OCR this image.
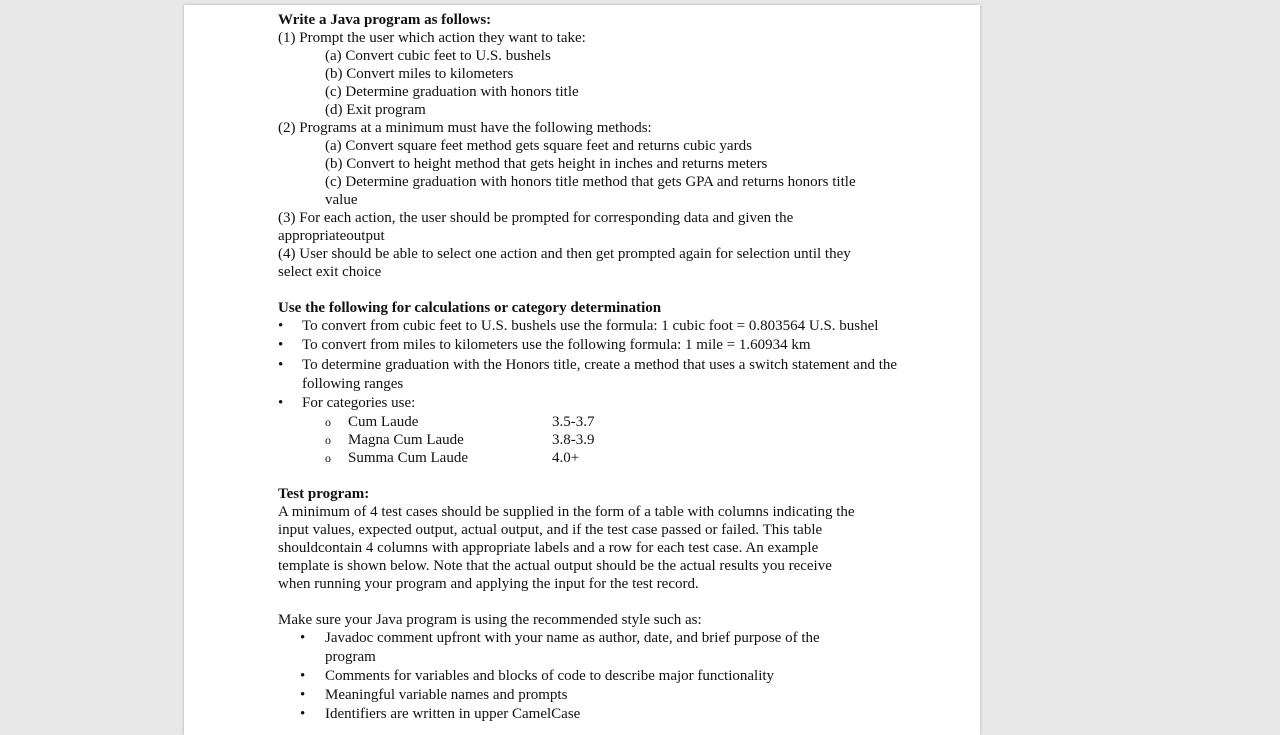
Write a Java program as follows:
(1) Prompt the user which action they want to take:
(a) Convert cubic feet to U.S. bushels
(b) Convert miles to kilometers
(c) Determine graduation with honors title
(d) Exit program
(2) Programs at a minimum must have the following methods:
(a) Convert square feet method gets square feet and returns cubic yards
(b) Convert to height method that gets height in inches and returns meters
(c) Determine graduation with honors title method that gets GPA and returns honors title
value
(3) For each action, the user should be prompted for corresponding data and given the
appropriateoutput
(4) User should be able to select one action and then get prompted again for selection until they
select exit choice
Use the following for calculations or category determination
•	To convert from cubic feet to U.S. bushels use the formula: 1 cubic foot = 0.803564 U.S. bushel
•	To convert from miles to kilometers use the following formula: 1 mile = 1.60934 km
•	To determine graduation with the Honors title, create a method that uses a switch statement and the
following ranges
•	For categories use:
o	Cum Laude	3.5-3.7
o	Magna Cum Laude	3.8-3.9
o	Summa Cum Laude	4.0+
Test program:
A minimum of 4 test cases should be supplied in the form of a table with columns indicating the
input values, expected output, actual output, and if the test case passed or failed. This table
shouldcontain 4 columns with appropriate labels and a row for each test case. An example
template is shown below. Note that the actual output should be the actual results you receive
when running your program and applying the input for the test record.
Make sure your Java program is using the recommended style such as:
•	Javadoc comment upfront with your name as author, date, and brief purpose of the
program
•	Comments for variables and blocks of code to describe major functionality
•	Meaningful variable names and prompts
•	Identifiers are written in upper CamelCase
